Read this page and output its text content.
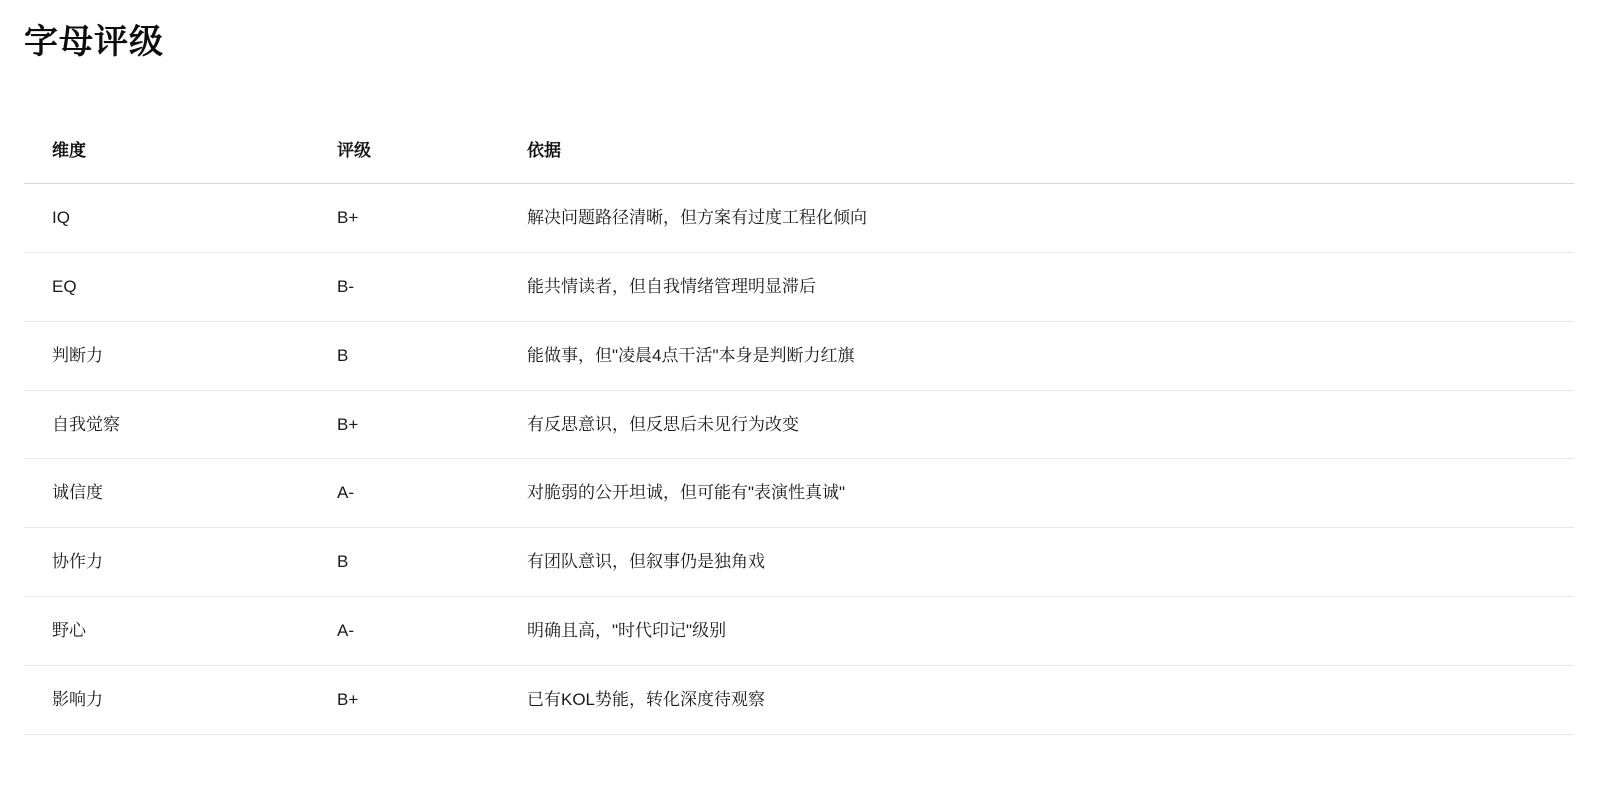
字母评级
维度	评级	依据
IQ	B+	解决问题路径清晰，但方案有过度工程化倾向
EQ	B-	能共情读者，但自我情绪管理明显滞后
判断力	B	能做事，但"凌晨4点干活"本身是判断力红旗
自我觉察	B+	有反思意识，但反思后未见行为改变
诚信度	A-	对脆弱的公开坦诚，但可能有"表演性真诚"
协作力	B	有团队意识，但叙事仍是独角戏
野心	A-	明确且高，"时代印记"级别
影响力	B+	已有KOL势能，转化深度待观察
